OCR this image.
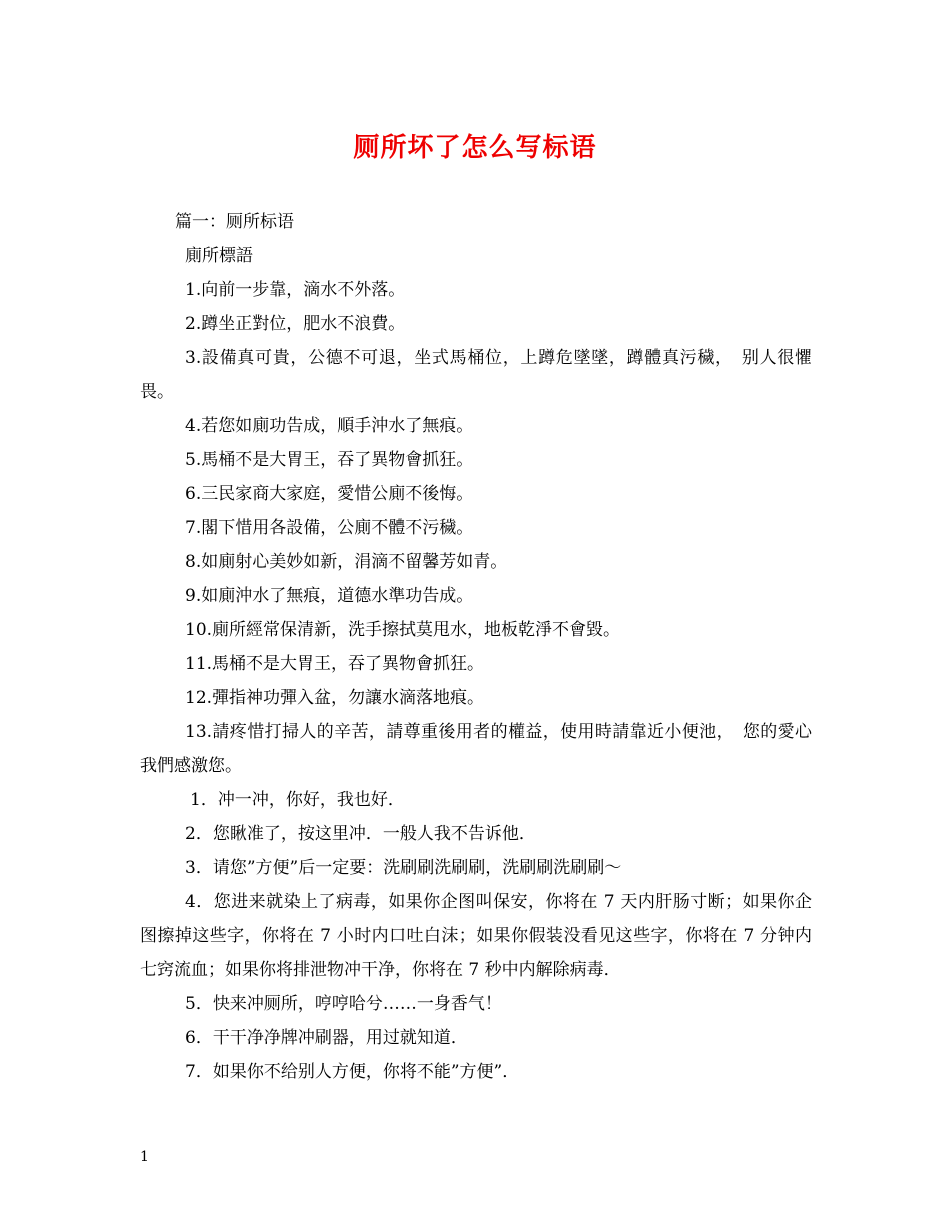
厕所坏了怎么写标语

篇一：厕所标语

廁所標語

1.向前一步靠，滴水不外落。

2.蹲坐正對位，肥水不浪費。

3.設備真可貴，公德不可退，坐式馬桶位，上蹲危墜墜，蹲體真污穢，　别人很懼畏。

4.若您如廁功告成，順手沖水了無痕。

5.馬桶不是大胃王，吞了異物會抓狂。

6.三民家商大家庭，愛惜公廁不後悔。

7.閣下惜用各設備，公廁不體不污穢。

8.如廁射心美妙如新，涓滴不留馨芳如青。

9.如廁沖水了無痕，道德水準功告成。

10.廁所經常保清新，洗手擦拭莫甩水，地板乾淨不會毀。

11.馬桶不是大胃王，吞了異物會抓狂。

12.彈指神功彈入盆，勿讓水滴落地痕。

13.請疼惜打掃人的辛苦，請尊重後用者的權益，使用時請靠近小便池，　您的愛心我們感激您。

1．冲一冲，你好，我也好．

2．您瞅准了，按这里冲．一般人我不告诉他．

3．请您”方便”后一定要：洗刷刷洗刷刷，洗刷刷洗刷刷～

4．您进来就染上了病毒，如果你企图叫保安，你将在 7 天内肝肠寸断；如果你企图擦掉这些字，你将在 7 小时内口吐白沫；如果你假装没看见这些字，你将在 7 分钟内七窍流血；如果你将排泄物冲干净，你将在 7 秒中内解除病毒．

5．快来冲厕所，哼哼哈兮……一身香气！

6．干干净净牌冲刷器，用过就知道．

7．如果你不给别人方便，你将不能”方便”．

1
